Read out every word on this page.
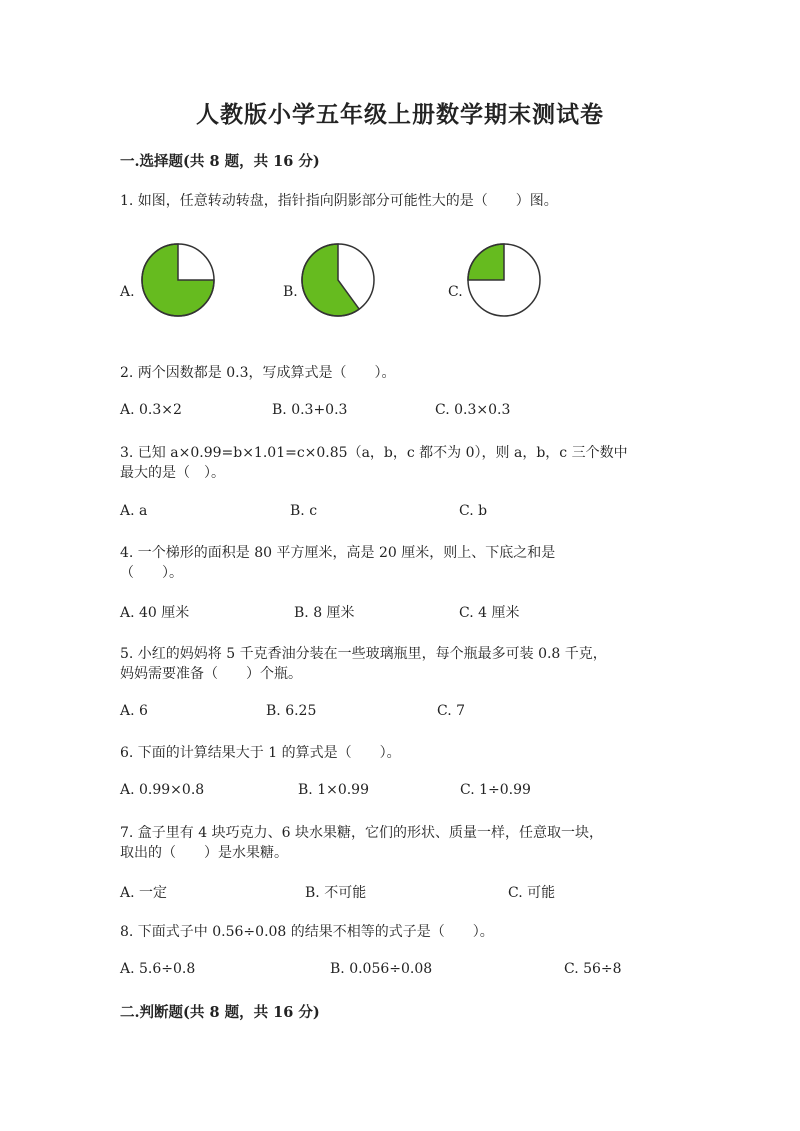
人教版小学五年级上册数学期末测试卷
一.选择题(共 8 题，共 16 分)
1. 如图，任意转动转盘，指针指向阴影部分可能性大的是（　　）图。
A.	B.	C.
2. 两个因数都是 0.3，写成算式是（　　）。
A. 0.3×2	B. 0.3+0.3	C. 0.3×0.3
3. 已知 a×0.99=b×1.01=c×0.85（a，b，c 都不为 0），则 a，b，c 三个数中
最大的是（　）。
A. a	B. c	C. b
4. 一个梯形的面积是 80 平方厘米，高是 20 厘米，则上、下底之和是
（　　）。
A. 40 厘米	B. 8 厘米	C. 4 厘米
5. 小红的妈妈将 5 千克香油分装在一些玻璃瓶里，每个瓶最多可装 0.8 千克，
妈妈需要准备（　　）个瓶。
A. 6	B. 6.25	C. 7
6. 下面的计算结果大于 1 的算式是（　　）。
A. 0.99×0.8	B. 1×0.99	C. 1÷0.99
7. 盒子里有 4 块巧克力、6 块水果糖，它们的形状、质量一样，任意取一块，
取出的（　　）是水果糖。
A. 一定	B. 不可能	C. 可能
8. 下面式子中 0.56÷0.08 的结果不相等的式子是（　　）。
A. 5.6÷0.8	B. 0.056÷0.08	C. 56÷8
二.判断题(共 8 题，共 16 分)
